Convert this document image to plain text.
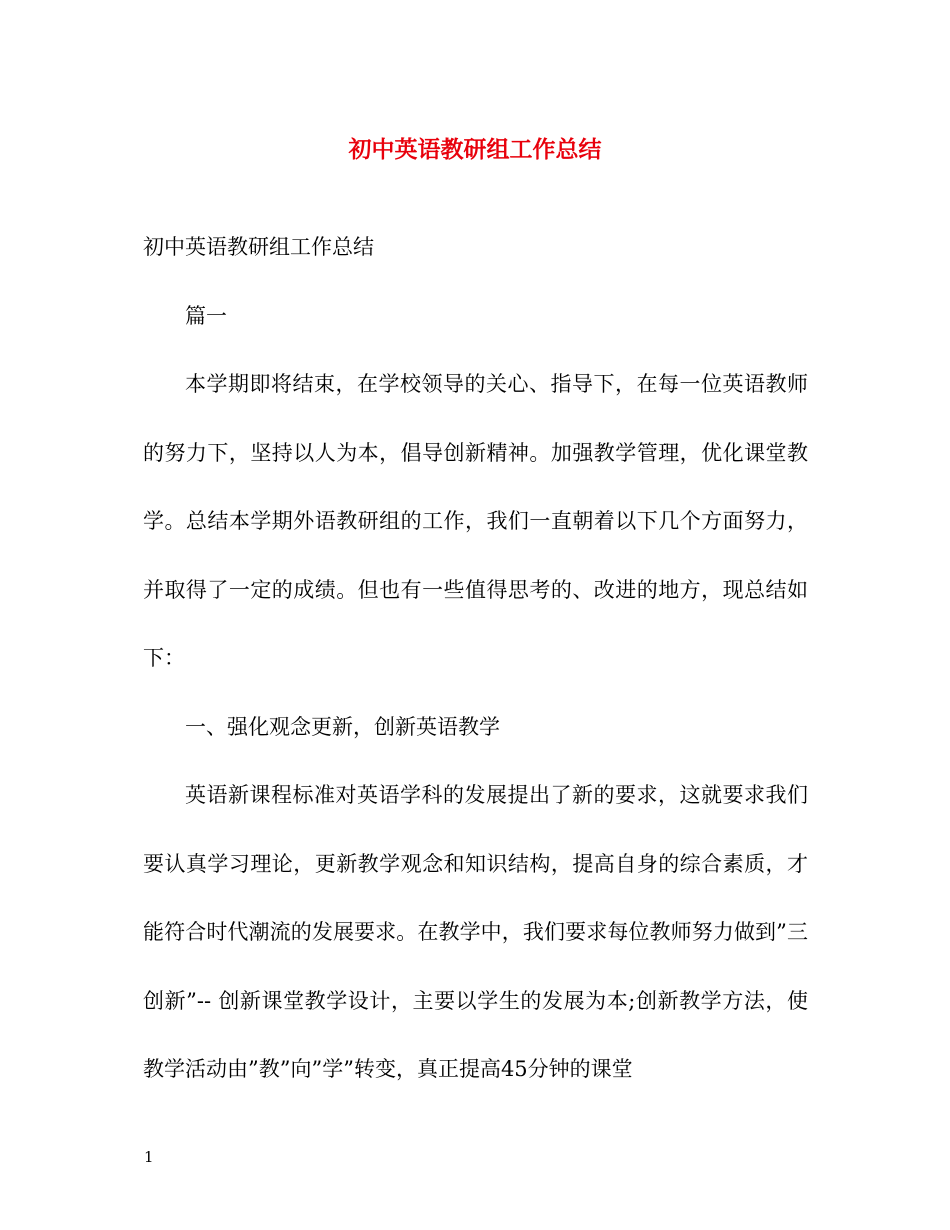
初中英语教研组工作总结

初中英语教研组工作总结

篇一

本学期即将结束，在学校领导的关心、指导下，在每一位英语教师的努力下，坚持以人为本，倡导创新精神。加强教学管理，优化课堂教学。总结本学期外语教研组的工作，我们一直朝着以下几个方面努力，并取得了一定的成绩。但也有一些值得思考的、改进的地方，现总结如下：

一、强化观念更新，创新英语教学

英语新课程标准对英语学科的发展提出了新的要求，这就要求我们要认真学习理论，更新教学观念和知识结构，提高自身的综合素质，才能符合时代潮流的发展要求。在教学中，我们要求每位教师努力做到”三创新”-- 创新课堂教学设计，主要以学生的发展为本;创新教学方法，使教学活动由”教”向”学”转变，真正提高45分钟的课堂

1
